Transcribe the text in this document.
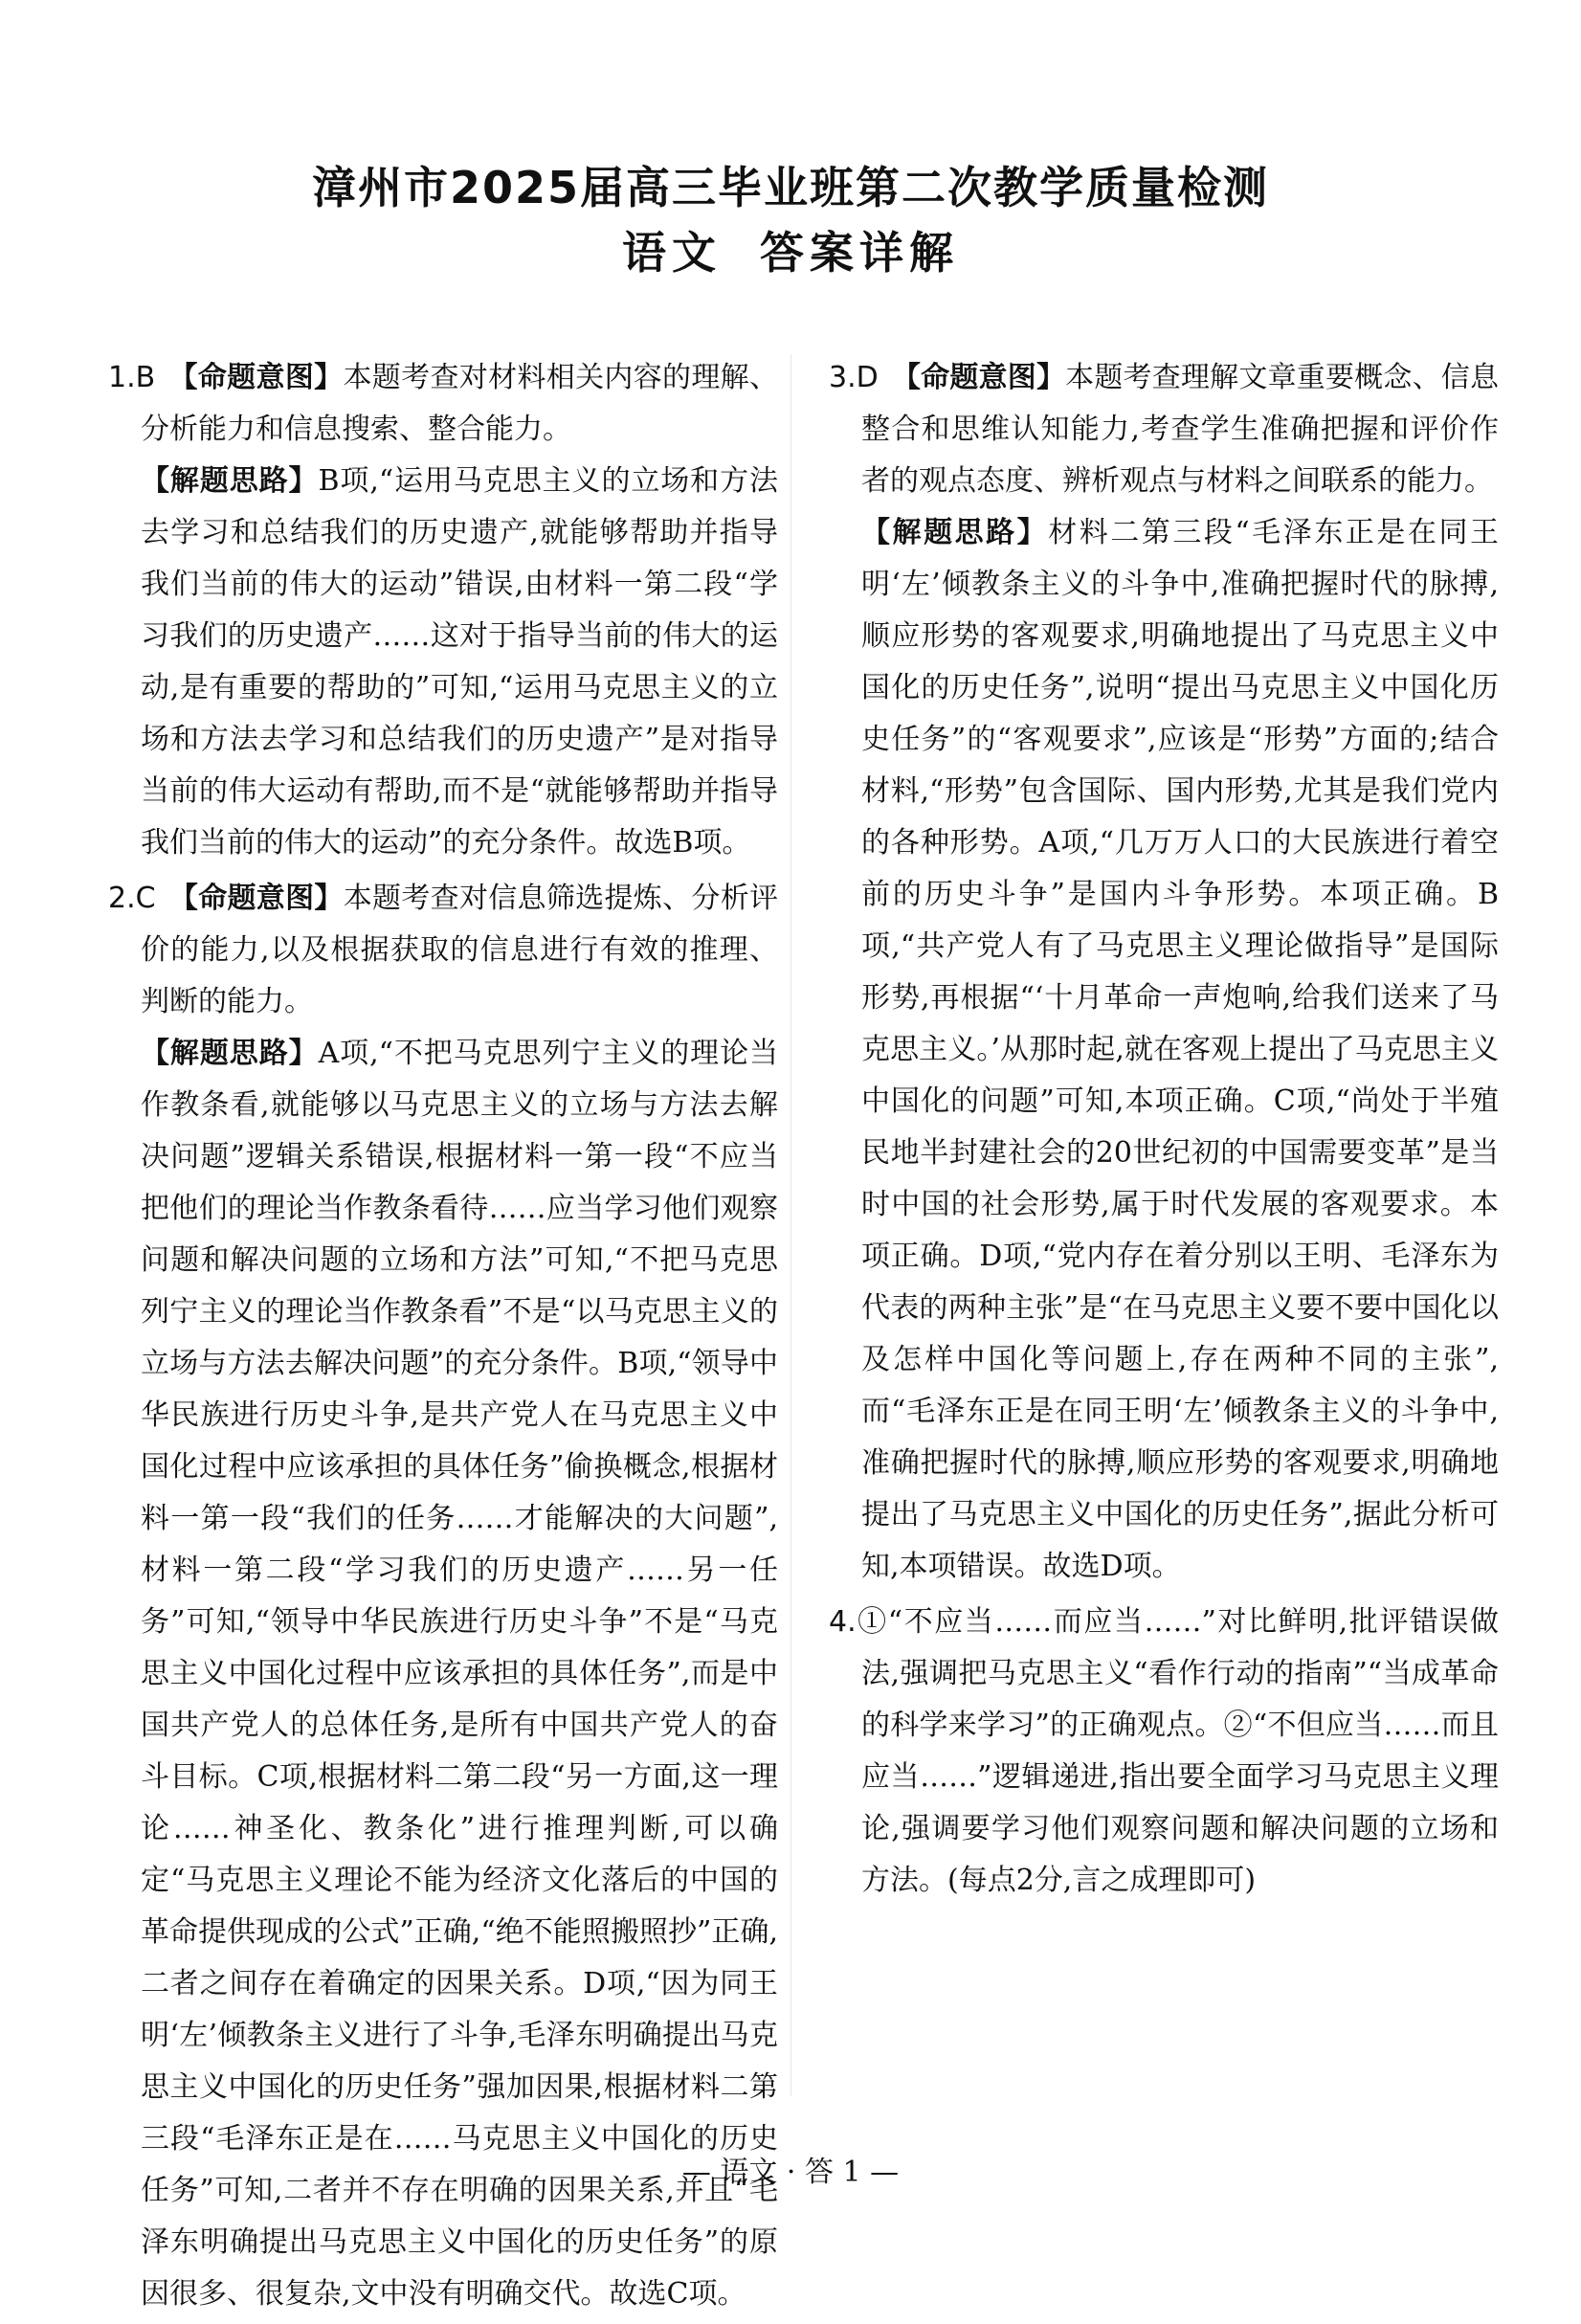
漳州市2025届高三毕业班第二次教学质量检测
语文 答案详解
1.B 【命题意图】本题考查对材料相关内容的理解、分析能力和信息搜索、整合能力。
【解题思路】B项,“运用马克思主义的立场和方法去学习和总结我们的历史遗产,就能够帮助并指导我们当前的伟大的运动”错误,由材料一第二段“学习我们的历史遗产……这对于指导当前的伟大的运动,是有重要的帮助的”可知,“运用马克思主义的立场和方法去学习和总结我们的历史遗产”是对指导当前的伟大运动有帮助,而不是“就能够帮助并指导我们当前的伟大的运动”的充分条件。故选B项。
2.C 【命题意图】本题考查对信息筛选提炼、分析评价的能力,以及根据获取的信息进行有效的推理、判断的能力。
【解题思路】A项,“不把马克思列宁主义的理论当作教条看,就能够以马克思主义的立场与方法去解决问题”逻辑关系错误,根据材料一第一段“不应当把他们的理论当作教条看待……应当学习他们观察问题和解决问题的立场和方法”可知,“不把马克思列宁主义的理论当作教条看”不是“以马克思主义的立场与方法去解决问题”的充分条件。B项,“领导中华民族进行历史斗争,是共产党人在马克思主义中国化过程中应该承担的具体任务”偷换概念,根据材料一第一段“我们的任务……才能解决的大问题”,材料一第二段“学习我们的历史遗产……另一任务”可知,“领导中华民族进行历史斗争”不是“马克思主义中国化过程中应该承担的具体任务”,而是中国共产党人的总体任务,是所有中国共产党人的奋斗目标。C项,根据材料二第二段“另一方面,这一理论……神圣化、教条化”进行推理判断,可以确定“马克思主义理论不能为经济文化落后的中国的革命提供现成的公式”正确,“绝不能照搬照抄”正确,二者之间存在着确定的因果关系。D项,“因为同王明‘左’倾教条主义进行了斗争,毛泽东明确提出马克思主义中国化的历史任务”强加因果,根据材料二第三段“毛泽东正是在……马克思主义中国化的历史任务”可知,二者并不存在明确的因果关系,并且“毛泽东明确提出马克思主义中国化的历史任务”的原因很多、很复杂,文中没有明确交代。故选C项。
3.D 【命题意图】本题考查理解文章重要概念、信息整合和思维认知能力,考查学生准确把握和评价作者的观点态度、辨析观点与材料之间联系的能力。
【解题思路】材料二第三段“毛泽东正是在同王明‘左’倾教条主义的斗争中,准确把握时代的脉搏,顺应形势的客观要求,明确地提出了马克思主义中国化的历史任务”,说明“提出马克思主义中国化历史任务”的“客观要求”,应该是“形势”方面的;结合材料,“形势”包含国际、国内形势,尤其是我们党内的各种形势。A项,“几万万人口的大民族进行着空前的历史斗争”是国内斗争形势。本项正确。B项,“共产党人有了马克思主义理论做指导”是国际形势,再根据“‘十月革命一声炮响,给我们送来了马克思主义。’从那时起,就在客观上提出了马克思主义中国化的问题”可知,本项正确。C项,“尚处于半殖民地半封建社会的20世纪初的中国需要变革”是当时中国的社会形势,属于时代发展的客观要求。本项正确。D项,“党内存在着分别以王明、毛泽东为代表的两种主张”是“在马克思主义要不要中国化以及怎样中国化等问题上,存在两种不同的主张”,而“毛泽东正是在同王明‘左’倾教条主义的斗争中,准确把握时代的脉搏,顺应形势的客观要求,明确地提出了马克思主义中国化的历史任务”,据此分析可知,本项错误。故选D项。
4.①“不应当……而应当……”对比鲜明,批评错误做法,强调把马克思主义“看作行动的指南”“当成革命的科学来学习”的正确观点。②“不但应当……而且应当……”逻辑递进,指出要全面学习马克思主义理论,强调要学习他们观察问题和解决问题的立场和方法。(每点2分,言之成理即可)
— 语文 · 答 1 —
